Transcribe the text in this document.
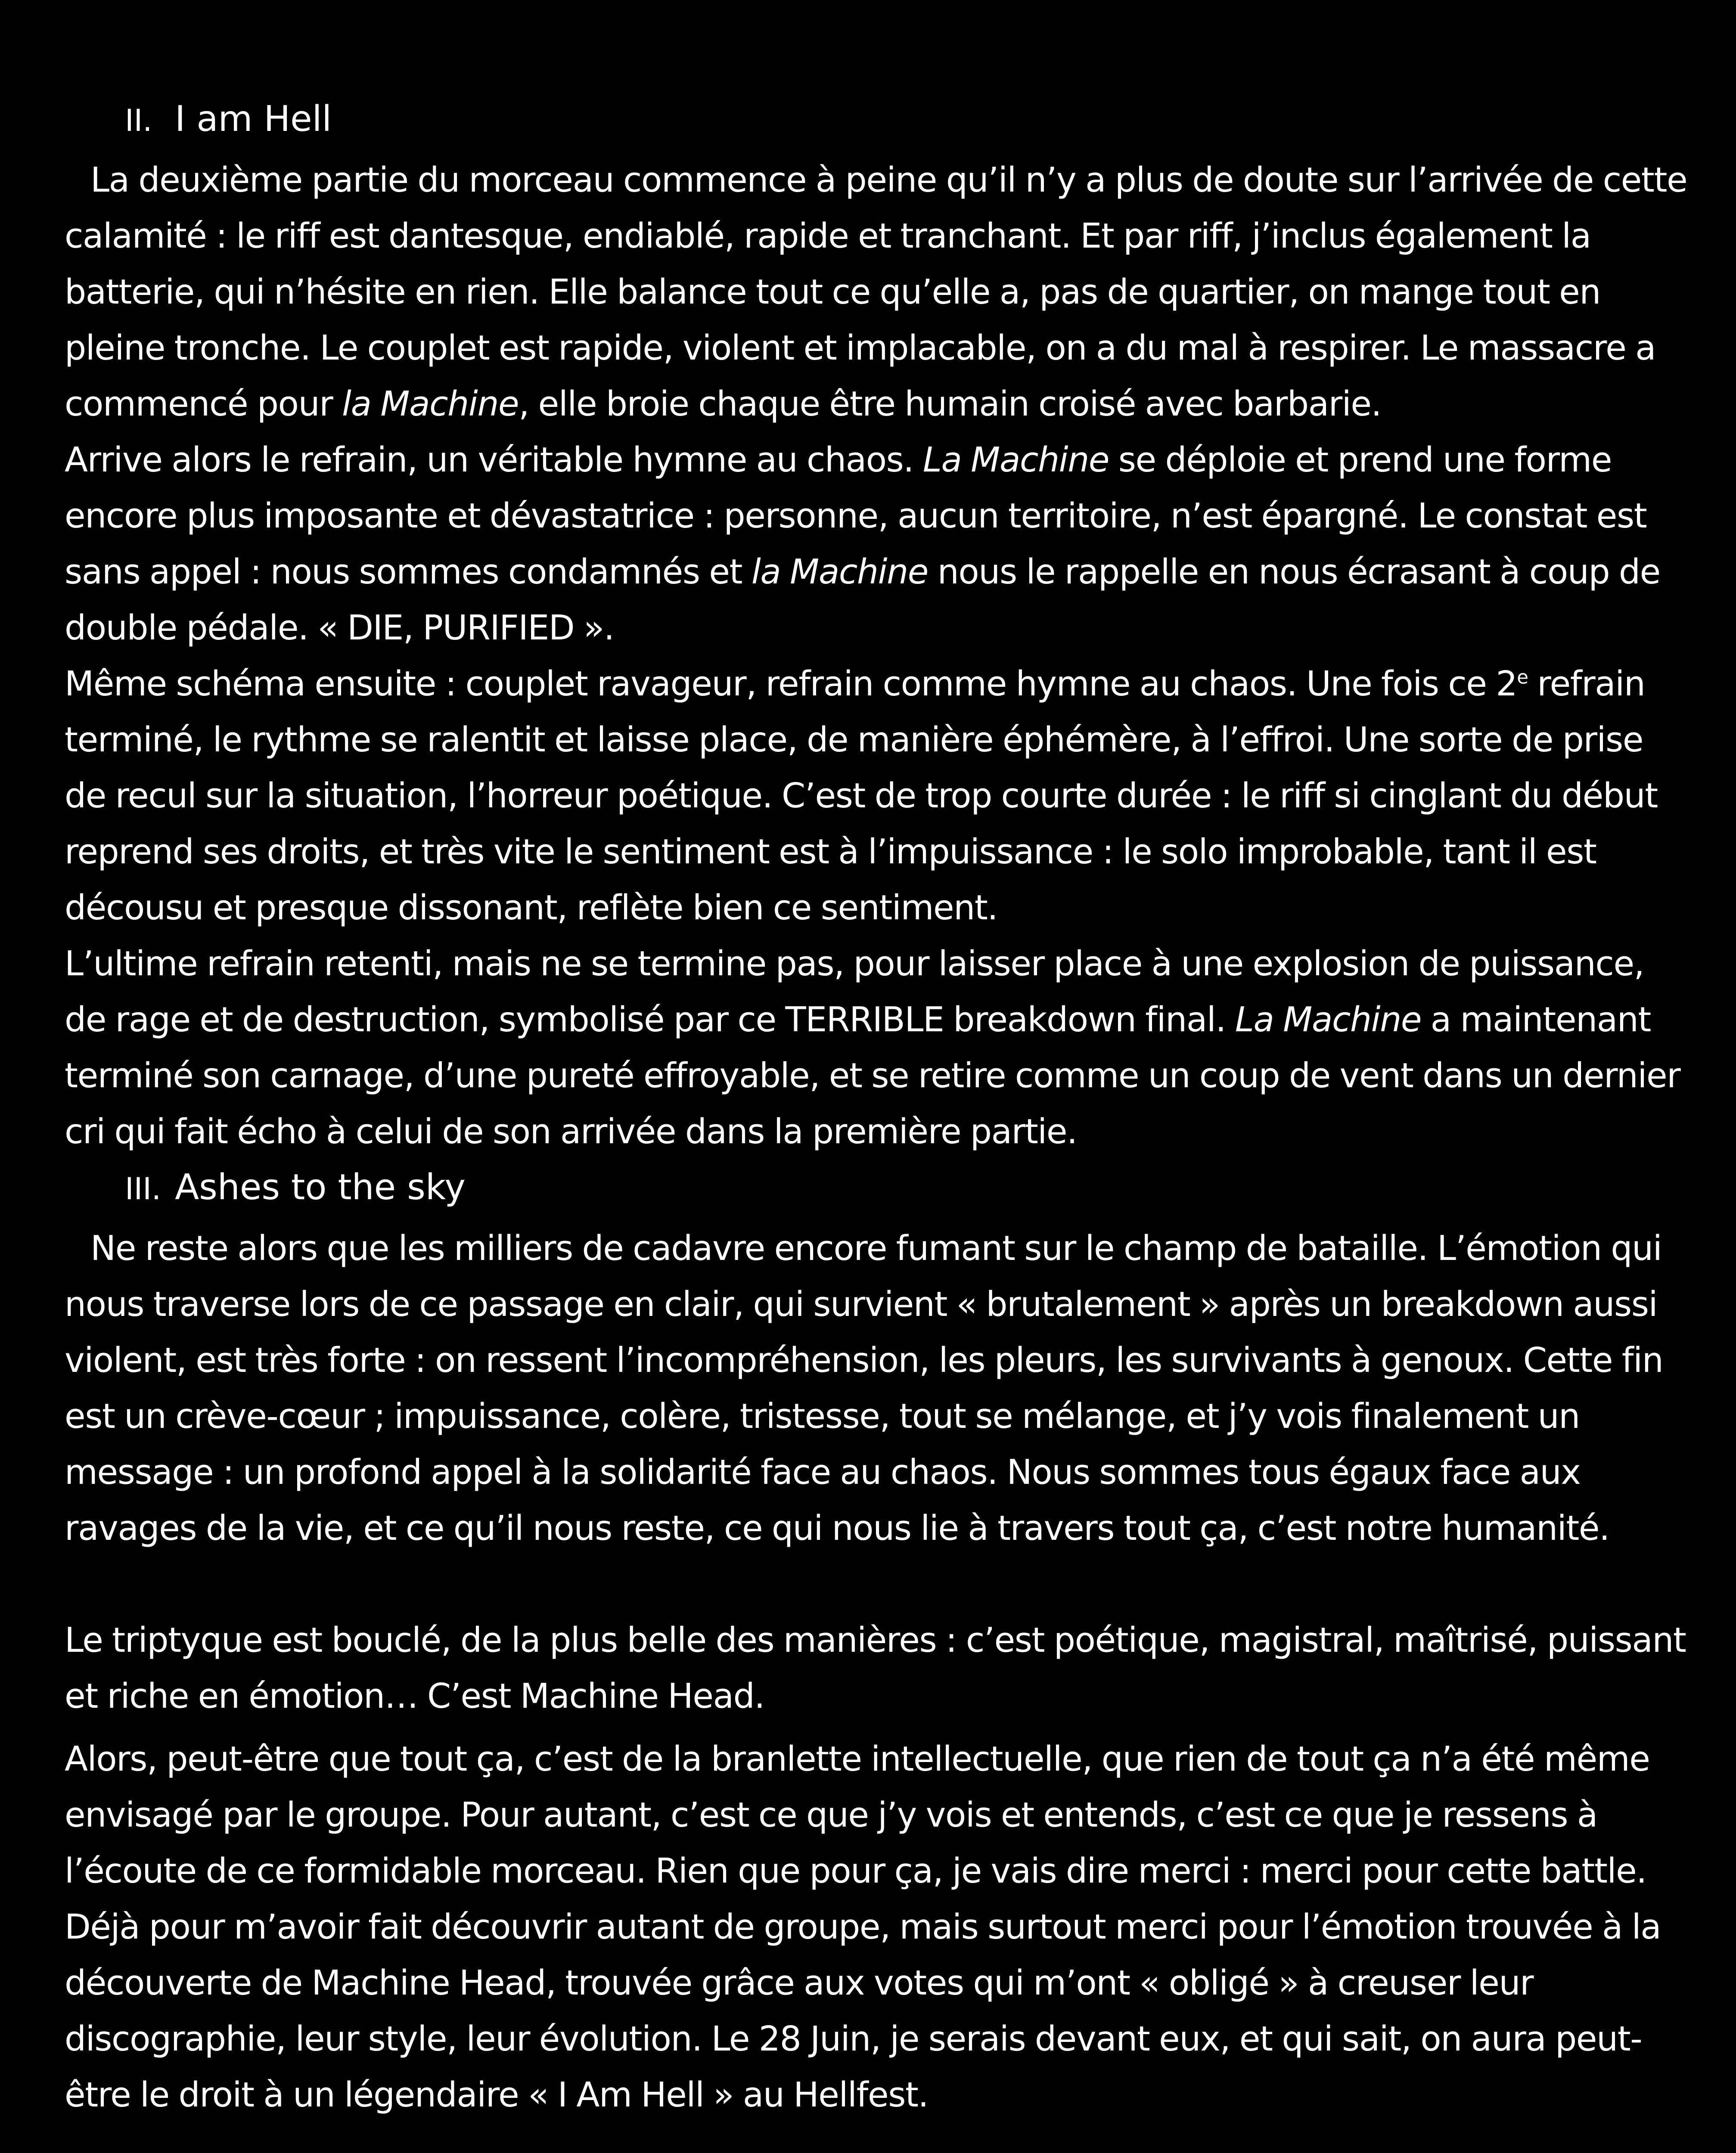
II. I am Hell

La deuxième partie du morceau commence à peine qu’il n’y a plus de doute sur l’arrivée de cette calamité : le riff est dantesque, endiablé, rapide et tranchant. Et par riff, j’inclus également la batterie, qui n’hésite en rien. Elle balance tout ce qu’elle a, pas de quartier, on mange tout en pleine tronche. Le couplet est rapide, violent et implacable, on a du mal à respirer. Le massacre a commencé pour la Machine, elle broie chaque être humain croisé avec barbarie.

Arrive alors le refrain, un véritable hymne au chaos. La Machine se déploie et prend une forme encore plus imposante et dévastatrice : personne, aucun territoire, n’est épargné. Le constat est sans appel : nous sommes condamnés et la Machine nous le rappelle en nous écrasant à coup de double pédale. « DIE, PURIFIED ».

Même schéma ensuite : couplet ravageur, refrain comme hymne au chaos. Une fois ce 2e refrain terminé, le rythme se ralentit et laisse place, de manière éphémère, à l’effroi. Une sorte de prise de recul sur la situation, l’horreur poétique. C’est de trop courte durée : le riff si cinglant du début reprend ses droits, et très vite le sentiment est à l’impuissance : le solo improbable, tant il est décousu et presque dissonant, reflète bien ce sentiment.

L’ultime refrain retenti, mais ne se termine pas, pour laisser place à une explosion de puissance, de rage et de destruction, symbolisé par ce TERRIBLE breakdown final. La Machine a maintenant terminé son carnage, d’une pureté effroyable, et se retire comme un coup de vent dans un dernier cri qui fait écho à celui de son arrivée dans la première partie.

III. Ashes to the sky

Ne reste alors que les milliers de cadavre encore fumant sur le champ de bataille. L’émotion qui nous traverse lors de ce passage en clair, qui survient « brutalement » après un breakdown aussi violent, est très forte : on ressent l’incompréhension, les pleurs, les survivants à genoux. Cette fin est un crève-cœur ; impuissance, colère, tristesse, tout se mélange, et j’y vois finalement un message : un profond appel à la solidarité face au chaos. Nous sommes tous égaux face aux ravages de la vie, et ce qu’il nous reste, ce qui nous lie à travers tout ça, c’est notre humanité.

Le triptyque est bouclé, de la plus belle des manières : c’est poétique, magistral, maîtrisé, puissant et riche en émotion… C’est Machine Head.

Alors, peut-être que tout ça, c’est de la branlette intellectuelle, que rien de tout ça n’a été même envisagé par le groupe. Pour autant, c’est ce que j’y vois et entends, c’est ce que je ressens à l’écoute de ce formidable morceau. Rien que pour ça, je vais dire merci : merci pour cette battle. Déjà pour m’avoir fait découvrir autant de groupe, mais surtout merci pour l’émotion trouvée à la découverte de Machine Head, trouvée grâce aux votes qui m’ont « obligé » à creuser leur discographie, leur style, leur évolution. Le 28 Juin, je serais devant eux, et qui sait, on aura peut-être le droit à un légendaire « I Am Hell » au Hellfest.
